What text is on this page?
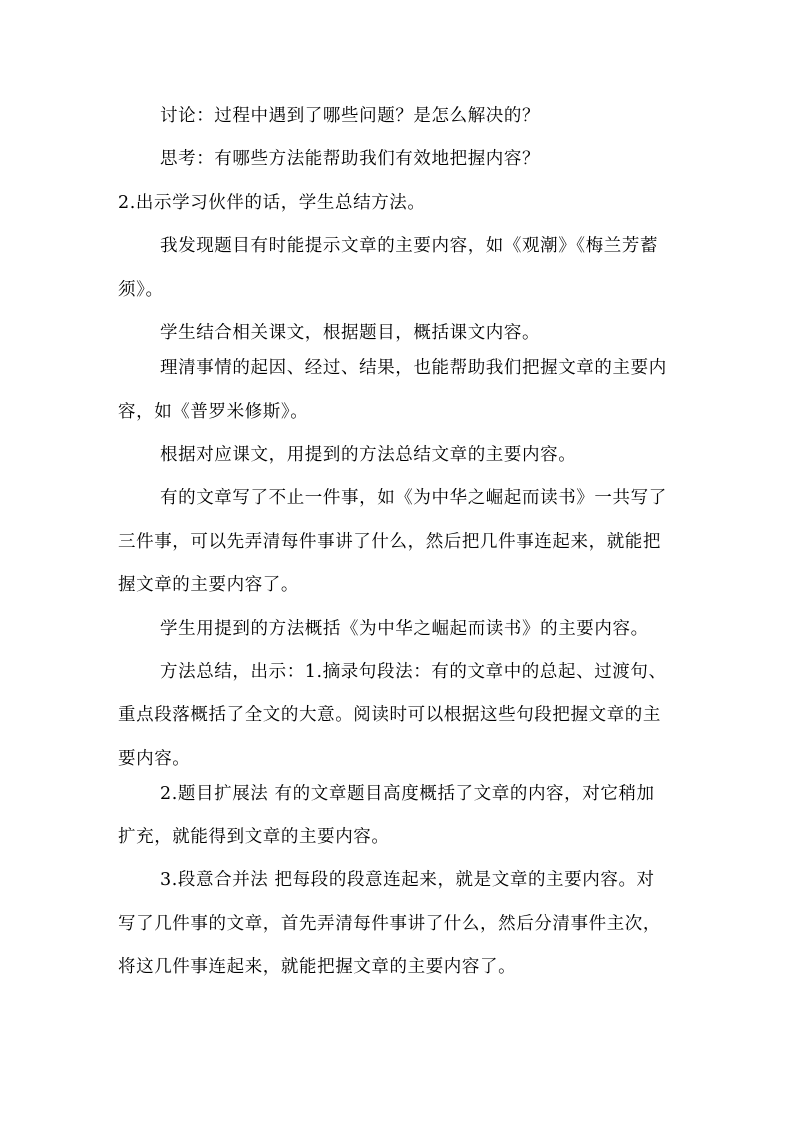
讨论：过程中遇到了哪些问题？是怎么解决的？
思考：有哪些方法能帮助我们有效地把握内容？
2.出示学习伙伴的话，学生总结方法。
我发现题目有时能提示文章的主要内容，如《观潮》《梅兰芳蓄
须》。
学生结合相关课文，根据题目，概括课文内容。
理清事情的起因、经过、结果，也能帮助我们把握文章的主要内
容，如《普罗米修斯》。
根据对应课文，用提到的方法总结文章的主要内容。
有的文章写了不止一件事，如《为中华之崛起而读书》一共写了
三件事，可以先弄清每件事讲了什么，然后把几件事连起来，就能把
握文章的主要内容了。
学生用提到的方法概括《为中华之崛起而读书》的主要内容。
方法总结，出示：1.摘录句段法：有的文章中的总起、过渡句、
重点段落概括了全文的大意。阅读时可以根据这些句段把握文章的主
要内容。
2.题目扩展法 有的文章题目高度概括了文章的内容，对它稍加
扩充，就能得到文章的主要内容。
3.段意合并法 把每段的段意连起来，就是文章的主要内容。对
写了几件事的文章，首先弄清每件事讲了什么，然后分清事件主次，
将这几件事连起来，就能把握文章的主要内容了。
